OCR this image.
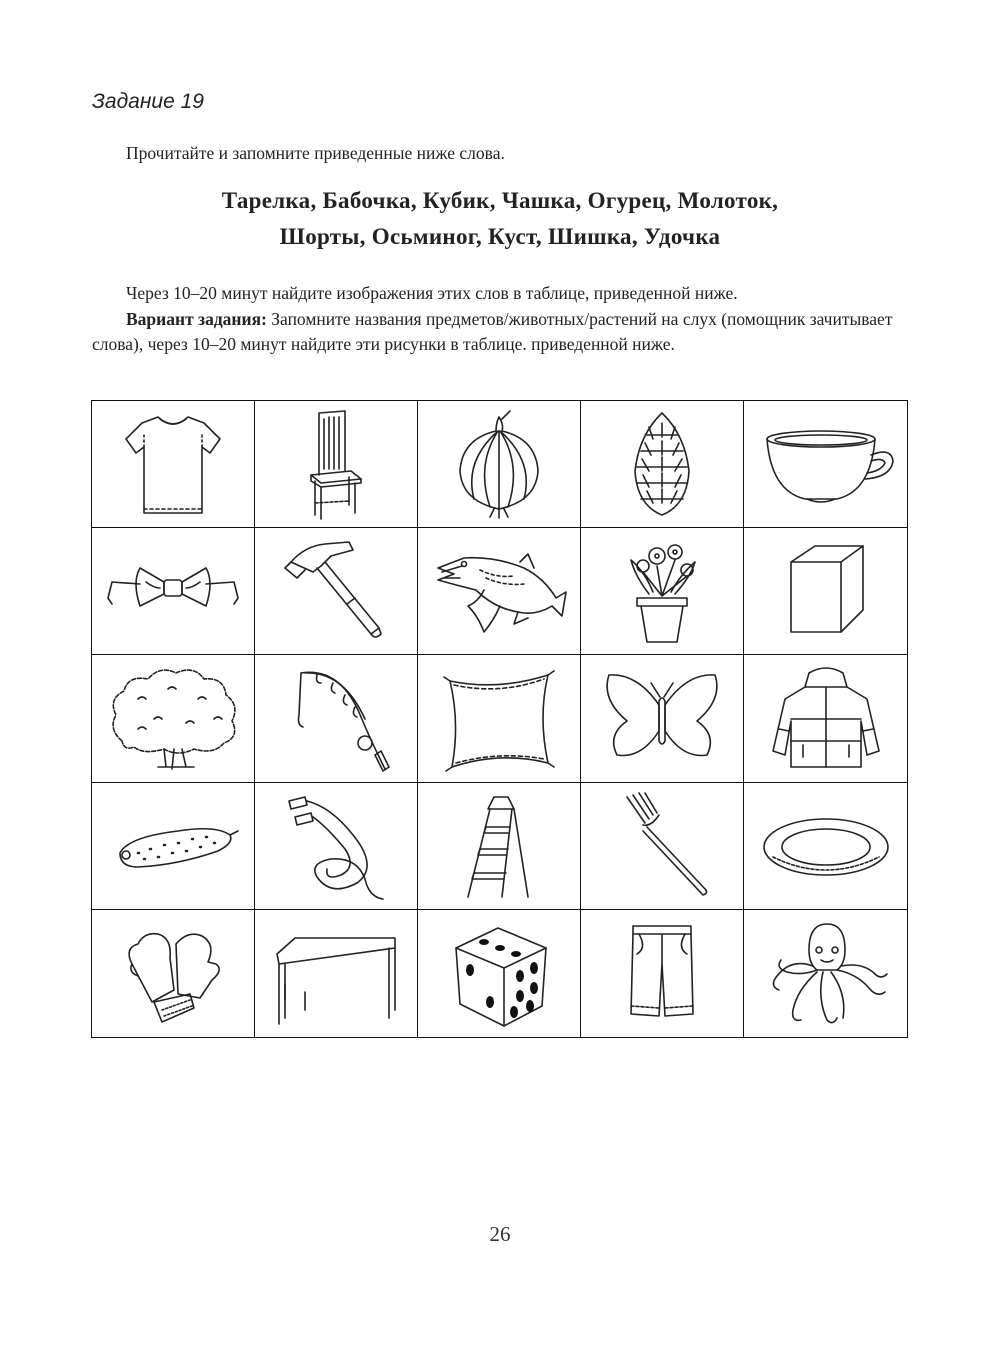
Задание 19

Прочитайте и запомните приведенные ниже слова.

Тарелка, Бабочка, Кубик, Чашка, Огурец, Молоток,

Шорты, Осьминог, Куст, Шишка, Удочка

Через 10–20 минут найдите изображения этих слов в таблице, приведенной ниже.

Вариант задания: Запомните названия предметов/животных/растений на слух (помощник зачитывает слова), через 10–20 минут найдите эти рисунки в таблице. приведенной ниже.

26
